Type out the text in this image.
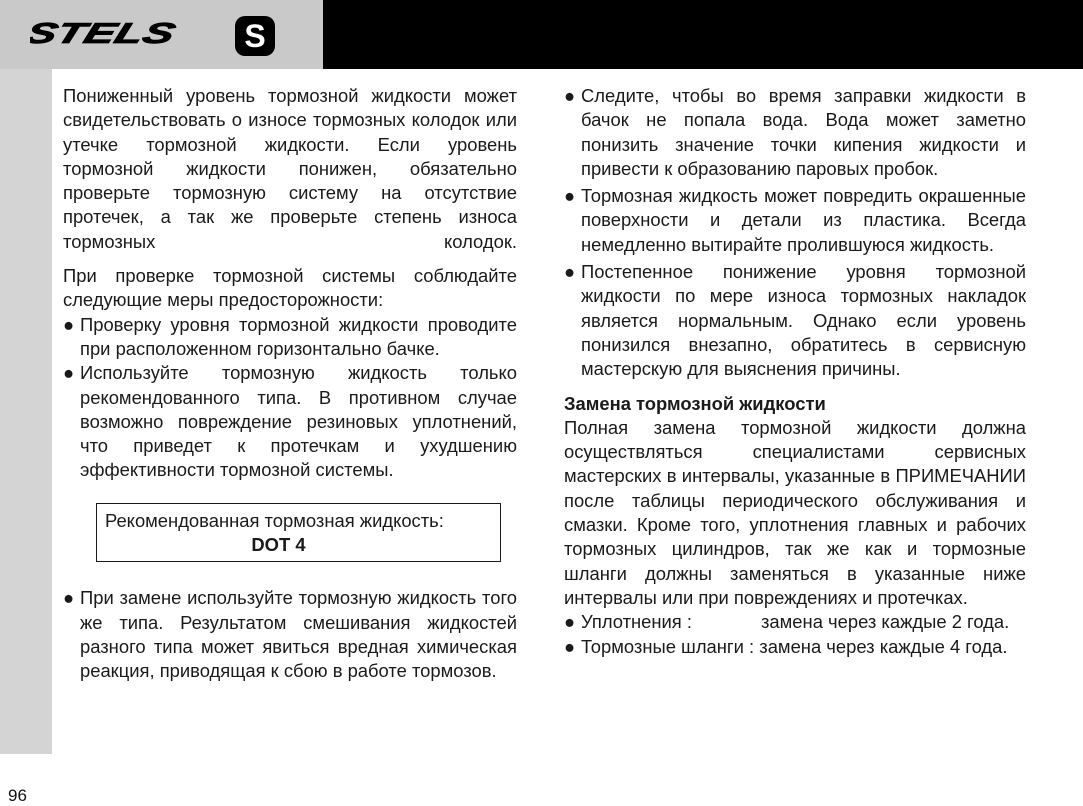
STELS S
96

Пониженный уровень тормозной жидкости может свидетельствовать о износе тормозных колодок или утечке тормозной жидкости. Если уровень тормозной жидкости понижен, обязательно проверьте тормозную систему на отсутствие протечек, а так же проверьте степень износа тормозных колодок.

При проверке тормозной системы соблюдайте следующие меры предосторожности:

● Проверку уровня тормозной жидкости проводите при расположенном горизонтально бачке.

● Используйте тормозную жидкость только рекомендованного типа. В противном случае возможно повреждение резиновых уплотнений, что приведет к протечкам и ухудшению эффективности тормозной системы.

Рекомендованная тормозная жидкость:
DOT 4
● При замене используйте тормозную жидкость того же типа. Результатом смешивания жидкостей разного типа может явиться вредная химическая реакция, приводящая к сбою в работе тормозов.

● Следите, чтобы во время заправки жидкости в бачок не попала вода. Вода может заметно понизить значение точки кипения жидкости и привести к образованию паровых пробок.

● Тормозная жидкость может повредить окрашенные поверхности и детали из пластика. Всегда немедленно вытирайте пролившуюся жидкость.

● Постепенное понижение уровня тормозной жидкости по мере износа тормозных накладок является нормальным. Однако если уровень понизился внезапно, обратитесь в сервисную мастерскую для выяснения причины.

Замена тормозной жидкости

Полная замена тормозной жидкости должна осуществляться специалистами сервисных мастерских в интервалы, указанные в ПРИМЕЧАНИИ после таблицы периодического обслуживания и смазки. Кроме того, уплотнения главных и рабочих тормозных цилиндров, так же как и тормозные шланги должны заменяться в указанные ниже интервалы или при повреждениях и протечках.

● Уплотнения :	замена через каждые 2 года.
● Тормозные шланги : замена через каждые 4 года.
